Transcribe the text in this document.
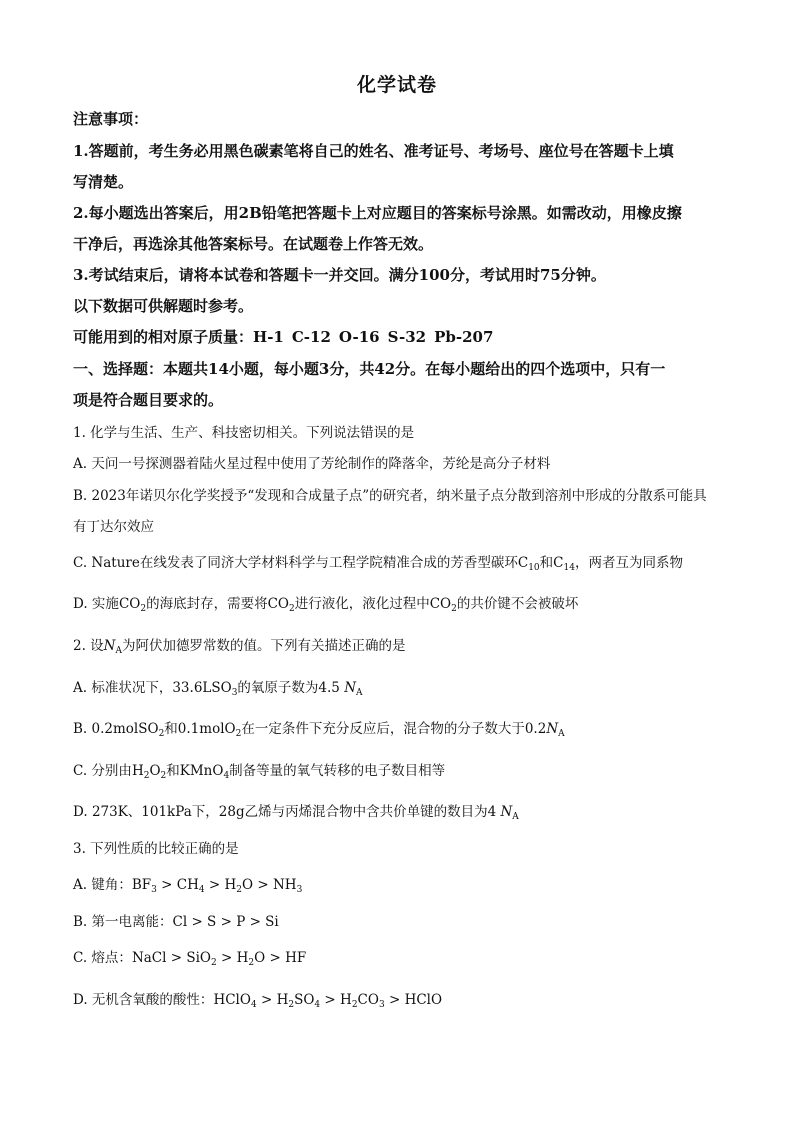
化学试卷
注意事项：
1.答题前，考生务必用黑色碳素笔将自己的姓名、准考证号、考场号、座位号在答题卡上填
写清楚。
2.每小题选出答案后，用2B铅笔把答题卡上对应题目的答案标号涂黑。如需改动，用橡皮擦
干净后，再选涂其他答案标号。在试题卷上作答无效。
3.考试结束后，请将本试卷和答题卡一并交回。满分100分，考试用时75分钟。
以下数据可供解题时参考。
可能用到的相对原子质量：H-1 C-12 O-16 S-32 Pb-207
一、选择题：本题共14小题，每小题3分，共42分。在每小题给出的四个选项中，只有一
项是符合题目要求的。
1. 化学与生活、生产、科技密切相关。下列说法错误的是
A. 天问一号探测器着陆火星过程中使用了芳纶制作的降落伞，芳纶是高分子材料
B. 2023年诺贝尔化学奖授予“发现和合成量子点”的研究者，纳米量子点分散到溶剂中形成的分散系可能具
有丁达尔效应
C. Nature在线发表了同济大学材料科学与工程学院精准合成的芳香型碳环$C_{10}$和$C_{14}$，两者互为同系物
D. 实施$CO_2$的海底封存，需要将$CO_2$进行液化，液化过程中$CO_2$的共价键不会被破坏
2. 设$N_A$为阿伏加德罗常数的值。下列有关描述正确的是
A. 标准状况下，$33.6LSO_3$的氧原子数为4.5 $N_A$
B. 0.2molSO$_2$和0.1molO$_2$在一定条件下充分反应后，混合物的分子数大于$0.2N_A$
C. 分别由$H_2O_2$和KMnO$_4$制备等量的氧气转移的电子数目相等
D. 273K、101kPa下，28g乙烯与丙烯混合物中含共价单键的数目为4 $N_A$
3. 下列性质的比较正确的是
A. 键角：$BF_3 > CH_4 > H_2O > NH_3$
B. 第一电离能：Cl > S > P > Si
C. 熔点：NaCl > $SiO_2 > H_2O$ > HF
D. 无机含氧酸的酸性：HClO$_4$ > $H_2SO_4 > H_2CO_3$ > HClO
